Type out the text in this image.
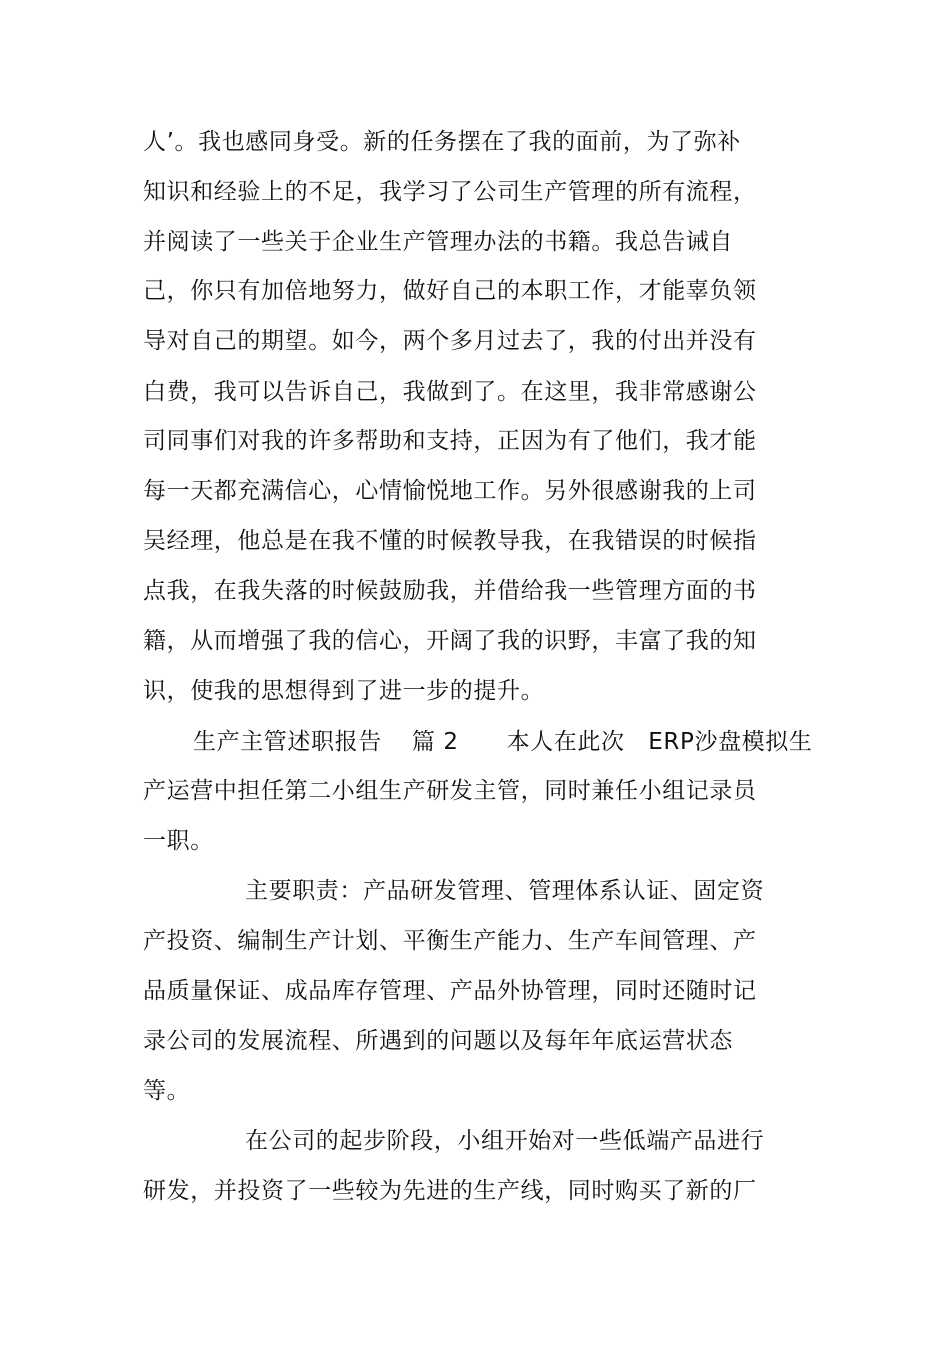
人’。我也感同身受。新的任务摆在了我的面前，为了弥补
知识和经验上的不足，我学习了公司生产管理的所有流程，
并阅读了一些关于企业生产管理办法的书籍。我总告诫自
己，你只有加倍地努力，做好自己的本职工作，才能辜负领
导对自己的期望。如今，两个多月过去了，我的付出并没有
白费，我可以告诉自己，我做到了。在这里，我非常感谢公
司同事们对我的许多帮助和支持，正因为有了他们，我才能
每一天都充满信心，心情愉悦地工作。另外很感谢我的上司
吴经理，他总是在我不懂的时候教导我，在我错误的时候指
点我，在我失落的时候鼓励我，并借给我一些管理方面的书
籍，从而增强了我的信心，开阔了我的识野，丰富了我的知
识，使我的思想得到了进一步的提升。
生产主管述职报告 篇 2 本人在此次   ERP沙盘模拟生
产运营中担任第二小组生产研发主管，同时兼任小组记录员
一职。
主要职责：产品研发管理、管理体系认证、固定资
产投资、编制生产计划、平衡生产能力、生产车间管理、产
品质量保证、成品库存管理、产品外协管理，同时还随时记
录公司的发展流程、所遇到的问题以及每年年底运营状态
等。
在公司的起步阶段，小组开始对一些低端产品进行
研发，并投资了一些较为先进的生产线，同时购买了新的厂
